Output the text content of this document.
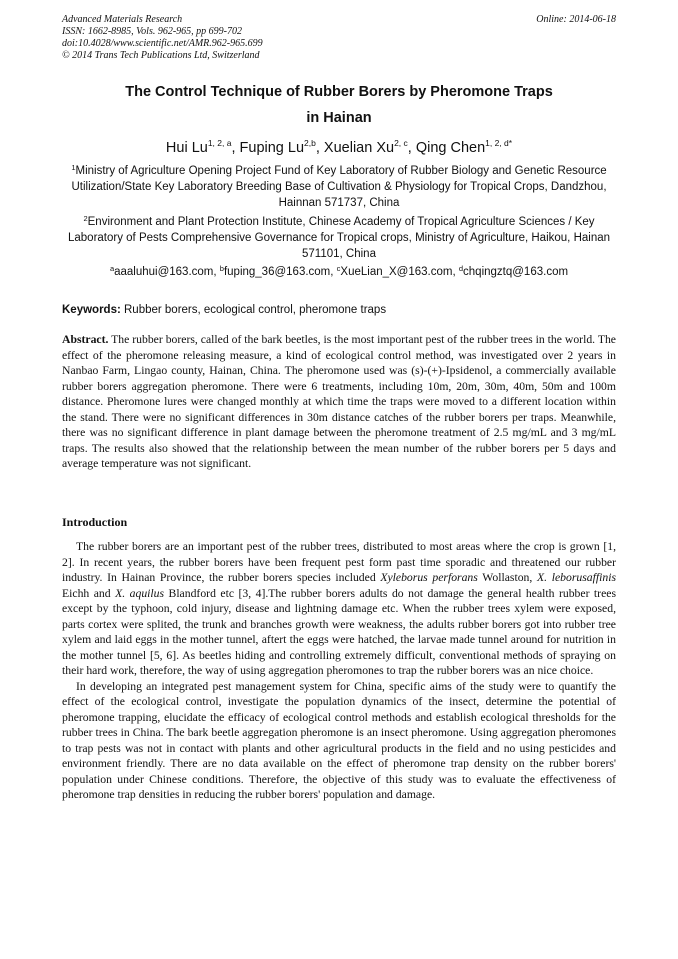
Advanced Materials Research
ISSN: 1662-8985, Vols. 962-965, pp 699-702
doi:10.4028/www.scientific.net/AMR.962-965.699
© 2014 Trans Tech Publications Ltd, Switzerland
Online: 2014-06-18
The Control Technique of Rubber Borers by Pheromone Traps
in Hainan
Hui Lu$^{1, 2, a}$, Fuping Lu$^{2,b}$, Xuelian Xu$^{2, c}$, Qing Chen$^{1, 2, d*}$
$^1$Ministry of Agriculture Opening Project Fund of Key Laboratory of Rubber Biology and Genetic Resource Utilization/State Key Laboratory Breeding Base of Cultivation & Physiology for Tropical Crops, Dandzhou, Hainnan 571737, China
$^2$Environment and Plant Protection Institute, Chinese Academy of Tropical Agriculture Sciences / Key Laboratory of Pests Comprehensive Governance for Tropical crops, Ministry of Agriculture, Haikou, Hainan 571101, China
$^a$aaaluhui@163.com, $^b$fuping_36@163.com, $^c$XueLian_X@163.com, $^d$chqingztq@163.com
Keywords: Rubber borers, ecological control, pheromone traps
Abstract. The rubber borers, called of the bark beetles, is the most important pest of the rubber trees in the world. The effect of the pheromone releasing measure, a kind of ecological control method, was investigated over 2 years in Nanbao Farm, Lingao county, Hainan, China. The pheromone used was (s)-(+)-Ipsidenol, a commercially available rubber borers aggregation pheromone. There were 6 treatments, including 10m, 20m, 30m, 40m, 50m and 100m distance. Pheromone lures were changed monthly at which time the traps were moved to a different location within the stand. There were no significant differences in 30m distance catches of the rubber borers per traps. Meanwhile, there was no significant difference in plant damage between the pheromone treatment of 2.5 mg/mL and 3 mg/mL traps. The results also showed that the relationship between the mean number of the rubber borers per 5 days and average temperature was not significant.
Introduction

The rubber borers are an important pest of the rubber trees, distributed to most areas where the crop is grown [1, 2]. In recent years, the rubber borers have been frequent pest form past time sporadic and threatened our rubber industry. In Hainan Province, the rubber borers species included Xyleborus perforans Wollaston, X. leborusaffinis Eichh and X. aquilus Blandford etc [3, 4].The rubber borers adults do not damage the general health rubber trees except by the typhoon, cold injury, disease and lightning damage etc. When the rubber trees xylem were exposed, parts cortex were splited, the trunk and branches growth were weakness, the adults rubber borers got into rubber tree xylem and laid eggs in the mother tunnel, aftert the eggs were hatched, the larvae made tunnel around for nutrition in the mother tunnel [5, 6]. As beetles hiding and controlling extremely difficult, conventional methods of spraying on their hard work, therefore, the way of using aggregation pheromones to trap the rubber borers was an nice choice.

In developing an integrated pest management system for China, specific aims of the study were to quantify the effect of the ecological control, investigate the population dynamics of the insect, determine the potential of pheromone trapping, elucidate the efficacy of ecological control methods and establish ecological thresholds for the rubber trees in China. The bark beetle aggregation pheromone is an insect pheromone. Using aggregation pheromones to trap pests was not in contact with plants and other agricultural products in the field and no using pesticides and environment friendly. There are no data available on the effect of pheromone trap density on the rubber borers' population under Chinese conditions. Therefore, the objective of this study was to evaluate the effectiveness of pheromone trap densities in reducing the rubber borers' population and damage.
